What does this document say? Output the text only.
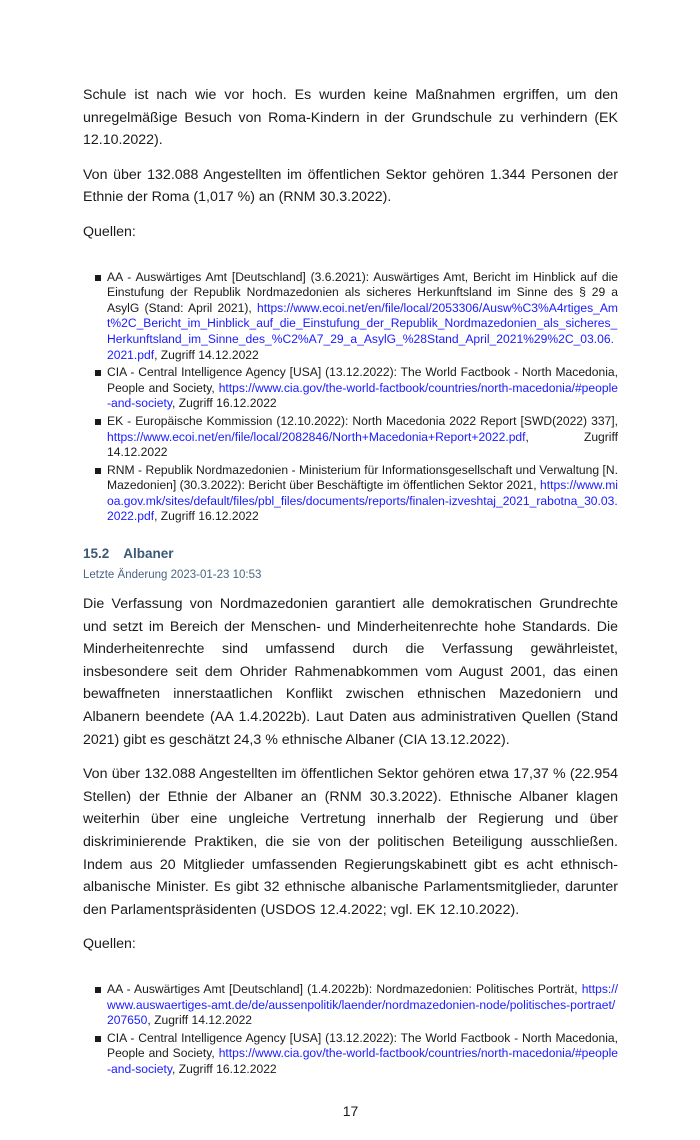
Schule ist nach wie vor hoch. Es wurden keine Maßnahmen ergriffen, um den unregelmäßige Besuch von Roma-Kindern in der Grundschule zu verhindern (EK 12.10.2022).

Von über 132.088 Angestellten im öffentlichen Sektor gehören 1.344 Personen der Ethnie der Roma (1,017 %) an (RNM 30.3.2022).

Quellen:

AA - Auswärtiges Amt [Deutschland] (3.6.2021): Auswärtiges Amt, Bericht im Hinblick auf die Einstufung der Republik Nordmazedonien als sicheres Herkunftsland im Sinne des § 29 a AsylG (Stand: April 2021), https://www.ecoi.net/en/file/local/2053306/Ausw%C3%A4rtiges_Amt%2C_Bericht_im_Hinblick_auf_die_Einstufung_der_Republik_Nordmazedonien_als_sicheres_Herkunftsland_im_Sinne_des_%C2%A7_29_a_AsylG_%28Stand_April_2021%29%2C_03.06.2021.pdf, Zugriff 14.12.2022
CIA - Central Intelligence Agency [USA] (13.12.2022): The World Factbook - North Macedonia, People and Society, https://www.cia.gov/the-world-factbook/countries/north-macedonia/#people-and-society, Zugriff 16.12.2022
EK - Europäische Kommission (12.10.2022): North Macedonia 2022 Report [SWD(2022) 337], https://www.ecoi.net/en/file/local/2082846/North+Macedonia+Report+2022.pdf, Zugriff 14.12.2022
RNM - Republik Nordmazedonien - Ministerium für Informationsgesellschaft und Verwaltung [N. Mazedonien] (30.3.2022): Bericht über Beschäftigte im öffentlichen Sektor 2021, https://www.mioa.gov.mk/sites/default/files/pbl_files/documents/reports/finalen-izveshtaj_2021_rabotna_30.03.2022.pdf, Zugriff 16.12.2022
15.2 Albaner
Letzte Änderung 2023-01-23 10:53

Die Verfassung von Nordmazedonien garantiert alle demokratischen Grundrechte und setzt im Bereich der Menschen- und Minderheitenrechte hohe Standards. Die Minderheitenrechte sind umfassend durch die Verfassung gewährleistet, insbesondere seit dem Ohrider Rahmenabkommen vom August 2001, das einen bewaffneten innerstaatlichen Konflikt zwischen ethnischen Mazedoniern und Albanern beendete (AA 1.4.2022b). Laut Daten aus administrativen Quellen (Stand 2021) gibt es geschätzt 24,3 % ethnische Albaner (CIA 13.12.2022).

Von über 132.088 Angestellten im öffentlichen Sektor gehören etwa 17,37 % (22.954 Stellen) der Ethnie der Albaner an (RNM 30.3.2022). Ethnische Albaner klagen weiterhin über eine ungleiche Vertretung innerhalb der Regierung und über diskriminierende Praktiken, die sie von der politischen Beteiligung ausschließen. Indem aus 20 Mitglieder umfassenden Regierungskabinett gibt es acht ethnisch-albanische Minister. Es gibt 32 ethnische albanische Parlamentsmitglieder, darunter den Parlamentspräsidenten (USDOS 12.4.2022; vgl. EK 12.10.2022).

Quellen:

AA - Auswärtiges Amt [Deutschland] (1.4.2022b): Nordmazedonien: Politisches Porträt, https://www.auswaertiges-amt.de/de/aussenpolitik/laender/nordmazedonien-node/politisches-portraet/207650, Zugriff 14.12.2022
CIA - Central Intelligence Agency [USA] (13.12.2022): The World Factbook - North Macedonia, People and Society, https://www.cia.gov/the-world-factbook/countries/north-macedonia/#people-and-society, Zugriff 16.12.2022
17
